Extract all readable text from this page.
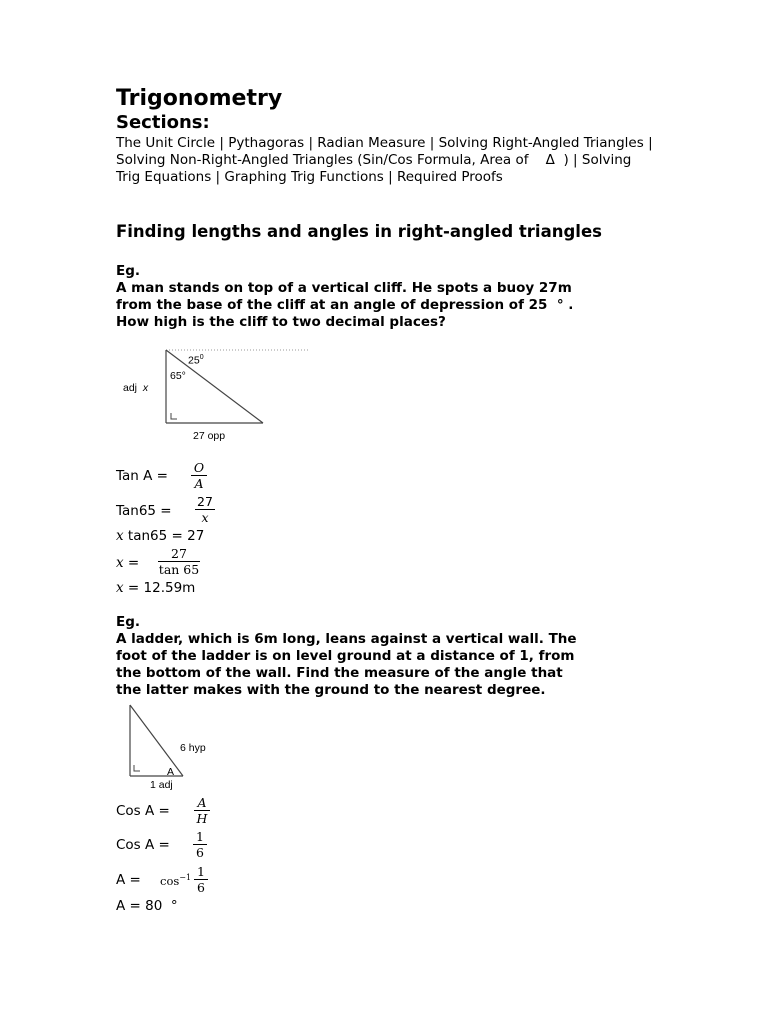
Trigonometry
Sections:
The Unit Circle | Pythagoras | Radian Measure | Solving Right-Angled Triangles | Solving Non-Right-Angled Triangles (Sin/Cos Formula, Area of    Δ  ) | Solving Trig Equations | Graphing Trig Functions | Required Proofs
Finding lengths and angles in right-angled triangles
Eg.
A man stands on top of a vertical cliff. He spots a buoy 27m
from the base of the cliff at an angle of depression of 25  ° .
How high is the cliff to two decimal places?
$25^0$
65°
adj x
27 opp
Tan $A = \frac{O}{A}$
$Tan65 = \frac{27}{x}$
x tan65 = 27
$x = \frac{27}{\tan 65}$
x = 12.59m
Eg.
A ladder, which is 6m long, leans against a vertical wall. The
foot of the ladder is on level ground at a distance of 1, from
the bottom of the wall. Find the measure of the angle that
the latter makes with the ground to the nearest degree.
6 hyp
A
1 adj
Cos $A = \frac{A}{H}$
Cos $A = \frac{1}{6}$
$A = \cos^{-1} \frac{1}{6}$
A = 80  °
